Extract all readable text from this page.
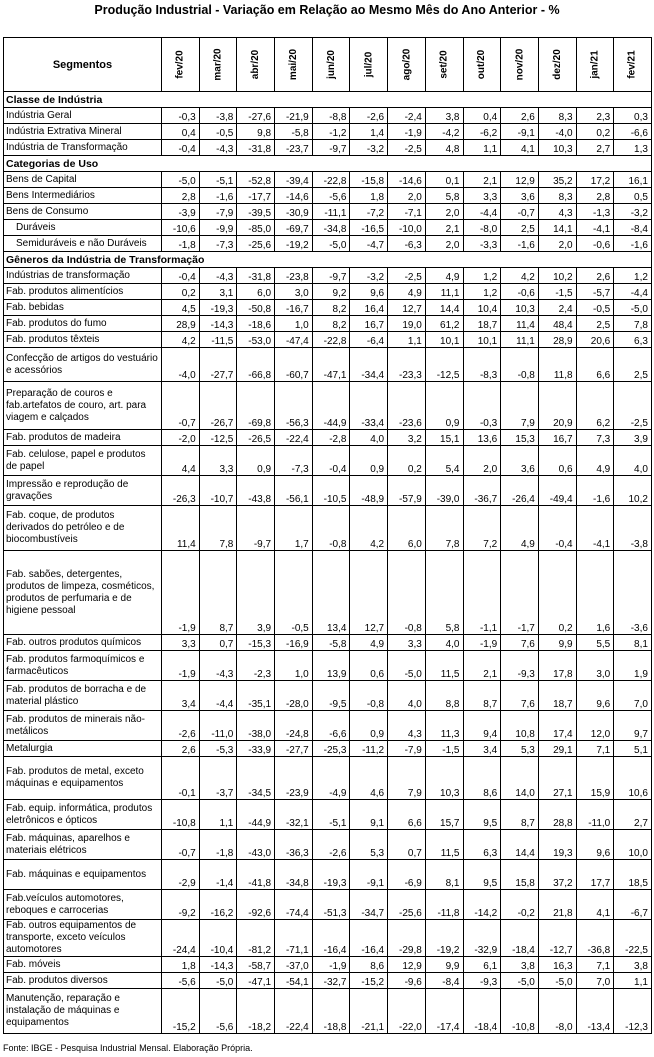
Produção Industrial - Variação em Relação ao Mesmo Mês do Ano Anterior - %
Segmentos	fev/20	mar/20	abr/20	mai/20	jun/20	jul/20	ago/20	set/20	out/20	nov/20	dez/20	jan/21	fev/21
Classe de Indústria													
Indústria Geral	-0,3	-3,8	-27,6	-21,9	-8,8	-2,6	-2,4	3,8	0,4	2,6	8,3	2,3	0,3
Indústria Extrativa Mineral	0,4	-0,5	9,8	-5,8	-1,2	1,4	-1,9	-4,2	-6,2	-9,1	-4,0	0,2	-6,6
Indústria de Transformação	-0,4	-4,3	-31,8	-23,7	-9,7	-3,2	-2,5	4,8	1,1	4,1	10,3	2,7	1,3
Categorias de Uso													
Bens de Capital	-5,0	-5,1	-52,8	-39,4	-22,8	-15,8	-14,6	0,1	2,1	12,9	35,2	17,2	16,1
Bens Intermediários	2,8	-1,6	-17,7	-14,6	-5,6	1,8	2,0	5,8	3,3	3,6	8,3	2,8	0,5
Bens de Consumo	-3,9	-7,9	-39,5	-30,9	-11,1	-7,2	-7,1	2,0	-4,4	-0,7	4,3	-1,3	-3,2
Duráveis	-10,6	-9,9	-85,0	-69,7	-34,8	-16,5	-10,0	2,1	-8,0	2,5	14,1	-4,1	-8,4
Semiduráveis e não Duráveis	-1,8	-7,3	-25,6	-19,2	-5,0	-4,7	-6,3	2,0	-3,3	-1,6	2,0	-0,6	-1,6
Gêneros da Indústria de Transformação													
Indústrias de transformação	-0,4	-4,3	-31,8	-23,8	-9,7	-3,2	-2,5	4,9	1,2	4,2	10,2	2,6	1,2
Fab. produtos alimentícios	0,2	3,1	6,0	3,0	9,2	9,6	4,9	11,1	1,2	-0,6	-1,5	-5,7	-4,4
Fab. bebidas	4,5	-19,3	-50,8	-16,7	8,2	16,4	12,7	14,4	10,4	10,3	2,4	-0,5	-5,0
Fab. produtos do fumo	28,9	-14,3	-18,6	1,0	8,2	16,7	19,0	61,2	18,7	11,4	48,4	2,5	7,8
Fab. produtos têxteis	4,2	-11,5	-53,0	-47,4	-22,8	-6,4	1,1	10,1	10,1	11,1	28,9	20,6	6,3
Confecção de artigos do vestuário e acessórios	-4,0	-27,7	-66,8	-60,7	-47,1	-34,4	-23,3	-12,5	-8,3	-0,8	11,8	6,6	2,5
Preparação de couros e fab.artefatos de couro, art. para viagem e calçados	-0,7	-26,7	-69,8	-56,3	-44,9	-33,4	-23,6	0,9	-0,3	7,9	20,9	6,2	-2,5
Fab. produtos de madeira	-2,0	-12,5	-26,5	-22,4	-2,8	4,0	3,2	15,1	13,6	15,3	16,7	7,3	3,9
Fab. celulose, papel e produtos de papel	4,4	3,3	0,9	-7,3	-0,4	0,9	0,2	5,4	2,0	3,6	0,6	4,9	4,0
Impressão e reprodução de gravações	-26,3	-10,7	-43,8	-56,1	-10,5	-48,9	-57,9	-39,0	-36,7	-26,4	-49,4	-1,6	10,2
Fab. coque, de produtos derivados do petróleo e de biocombustíveis	11,4	7,8	-9,7	1,7	-0,8	4,2	6,0	7,8	7,2	4,9	-0,4	-4,1	-3,8
Fab. sabões, detergentes, produtos de limpeza, cosméticos, produtos de perfumaria e de higiene pessoal	-1,9	8,7	3,9	-0,5	13,4	12,7	-0,8	5,8	-1,1	-1,7	0,2	1,6	-3,6
Fab. outros produtos químicos	3,3	0,7	-15,3	-16,9	-5,8	4,9	3,3	4,0	-1,9	7,6	9,9	5,5	8,1
Fab. produtos farmoquímicos e farmacêuticos	-1,9	-4,3	-2,3	1,0	13,9	0,6	-5,0	11,5	2,1	-9,3	17,8	3,0	1,9
Fab. produtos de borracha e de material plástico	3,4	-4,4	-35,1	-28,0	-9,5	-0,8	4,0	8,8	8,7	7,6	18,7	9,6	7,0
Fab. produtos de minerais não-metálicos	-2,6	-11,0	-38,0	-24,8	-6,6	0,9	4,3	11,3	9,4	10,8	17,4	12,0	9,7
Metalurgia	2,6	-5,3	-33,9	-27,7	-25,3	-11,2	-7,9	-1,5	3,4	5,3	29,1	7,1	5,1
Fab. produtos de metal, exceto máquinas e equipamentos	-0,1	-3,7	-34,5	-23,9	-4,9	4,6	7,9	10,3	8,6	14,0	27,1	15,9	10,6
Fab. equip. informática, produtos eletrônicos e ópticos	-10,8	1,1	-44,9	-32,1	-5,1	9,1	6,6	15,7	9,5	8,7	28,8	-11,0	2,7
Fab. máquinas, aparelhos e materiais elétricos	-0,7	-1,8	-43,0	-36,3	-2,6	5,3	0,7	11,5	6,3	14,4	19,3	9,6	10,0
Fab. máquinas e equipamentos	-2,9	-1,4	-41,8	-34,8	-19,3	-9,1	-6,9	8,1	9,5	15,8	37,2	17,7	18,5
Fab.veículos automotores, reboques e carrocerias	-9,2	-16,2	-92,6	-74,4	-51,3	-34,7	-25,6	-11,8	-14,2	-0,2	21,8	4,1	-6,7
Fab. outros equipamentos de transporte, exceto veículos automotores	-24,4	-10,4	-81,2	-71,1	-16,4	-16,4	-29,8	-19,2	-32,9	-18,4	-12,7	-36,8	-22,5
Fab. móveis	1,8	-14,3	-58,7	-37,0	-1,9	8,6	12,9	9,9	6,1	3,8	16,3	7,1	3,8
Fab. produtos diversos	-5,6	-5,0	-47,1	-54,1	-32,7	-15,2	-9,6	-8,4	-9,3	-5,0	-5,0	7,0	1,1
Manutenção, reparação e instalação de máquinas e equipamentos	-15,2	-5,6	-18,2	-22,4	-18,8	-21,1	-22,0	-17,4	-18,4	-10,8	-8,0	-13,4	-12,3
Fonte: IBGE - Pesquisa Industrial Mensal. Elaboração Própria.
